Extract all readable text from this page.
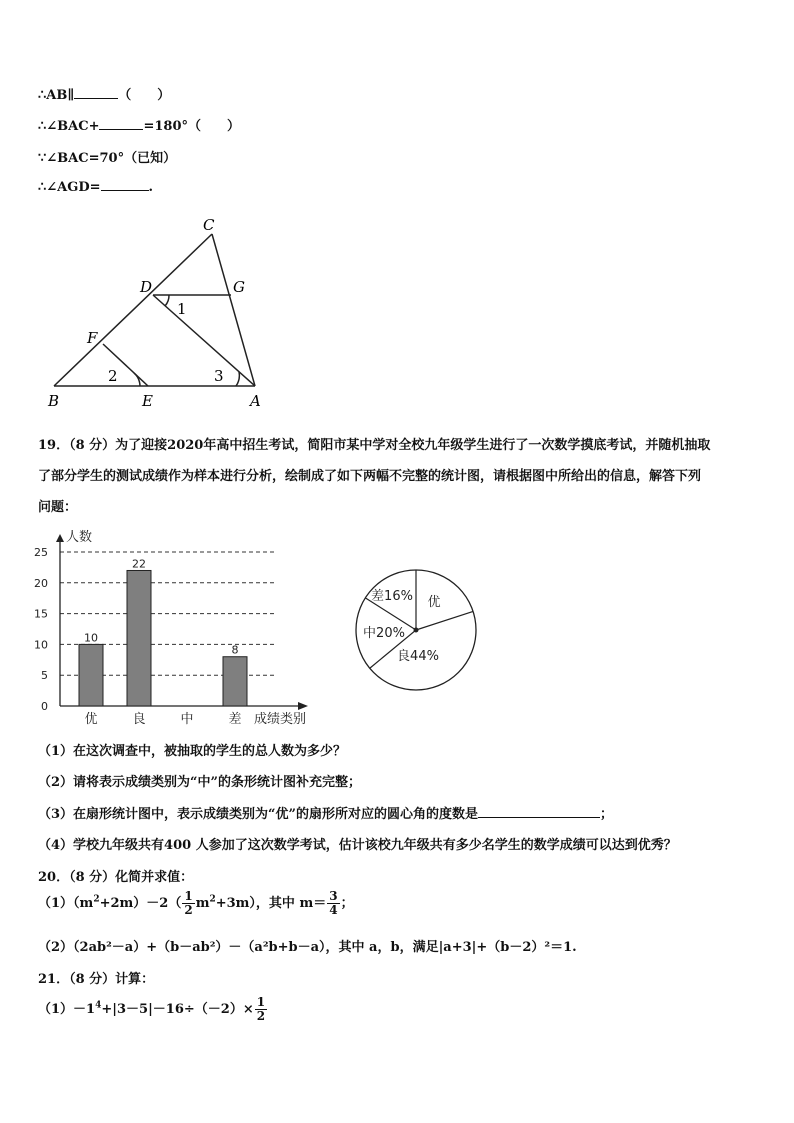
∴AB∥	（　　）
∴∠BAC+	=180°（　　）
∵∠BAC=70°（已知）
∴∠AGD=	.
C
D	G
F
B	E	A
1
2	3
19．（8 分）为了迎接2020年高中招生考试，简阳市某中学对全校九年级学生进行了一次数学摸底考试，并随机抽取
了部分学生的测试成绩作为样本进行分析，绘制成了如下两幅不完整的统计图，请根据图中所给出的信息，解答下列
问题：
0
5
10
15
20
25
人数
成绩类别
优
10
良
22
中	差
8
优
良44%
中20%
差16%
（1）在这次调查中，被抽取的学生的总人数为多少？
（2）请将表示成绩类别为“中”的条形统计图补充完整；
（3）在扇形统计图中，表示成绩类别为“优”的扇形所对应的圆心角的度数是	；
（4）学校九年级共有400 人参加了这次数学考试，估计该校九年级共有多少名学生的数学成绩可以达到优秀？
20．（8 分）化简并求值：
$(1)(m^2+2m)-2( \frac{1}{2} m^2+3m)$，其中 $m= \frac{3}{4}$ ；
（2）（2ab²－a）+（b－ab²）－（a²b+b－a），其中 a，b，满足|a+3|+（b－2）²＝1.
21．（8 分）计算：
$(1)-1^4+|3-5|-16\div(-2)\times \frac{1}{2}$
